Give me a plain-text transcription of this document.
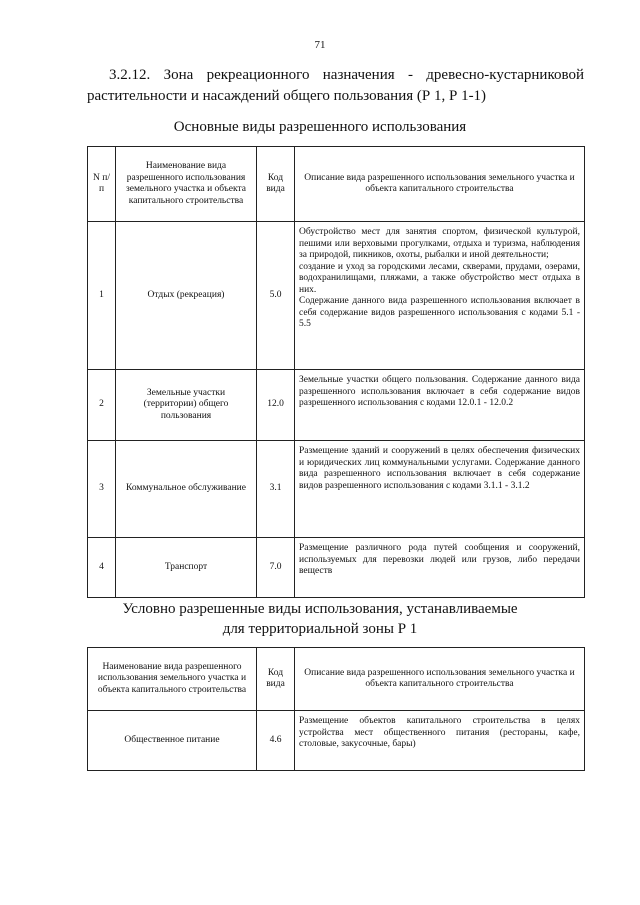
71
3.2.12. Зона рекреационного назначения - древесно-кустарниковой
растительности и насаждений общего пользования (Р 1, Р 1-1)
Основные виды разрешенного использования
N п/п	Наименование вида разрешенного использования земельного участка и объекта капитального строительства	Код вида	Описание вида разрешенного использования земельного участка и объекта капитального строительства
1	Отдых (рекреация)	5.0	Обустройство мест для занятия спортом, физической культурой, пешими или верховыми прогулками, отдыха и туризма, наблюдения за природой, пикников, охоты, рыбалки и иной деятельности;
создание и уход за городскими лесами, скверами, прудами, озерами, водохранилищами, пляжами, а также обустройство мест отдыха в них.
Содержание данного вида разрешенного использования включает в себя содержание видов разрешенного использования с кодами 5.1 - 5.5

2	Земельные участки (территории) общего пользования	12.0	Земельные участки общего пользования. Содержание данного вида разрешенного использования включает в себя содержание видов разрешенного использования с кодами 12.0.1 - 12.0.2

3	Коммунальное обслуживание	3.1	Размещение зданий и сооружений в целях обеспечения физических и юридических лиц коммунальными услугами. Содержание данного вида разрешенного использования включает в себя содержание видов разрешенного использования с кодами 3.1.1 - 3.1.2

4	Транспорт	7.0	Размещение различного рода путей сообщения и сооружений, используемых для перевозки людей или грузов, либо передачи веществ
Условно разрешенные виды использования, устанавливаемые
для территориальной зоны Р 1
Наименование вида разрешенного использования земельного участка и объекта капитального строительства	Код вида	Описание вида разрешенного использования земельного участка и объекта капитального строительства
Общественное питание	4.6	Размещение объектов капитального строительства в целях устройства мест общественного питания (рестораны, кафе, столовые, закусочные, бары)
